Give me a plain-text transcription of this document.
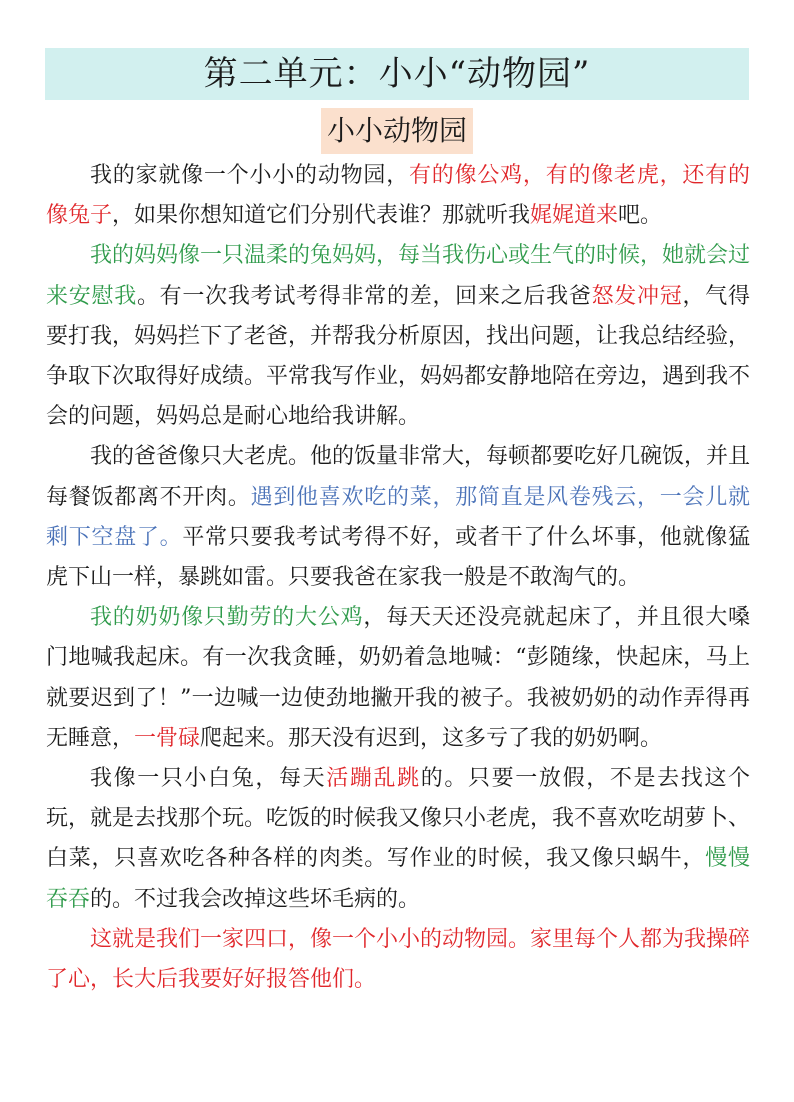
第二单元：小小“动物园”
小小动物园

我的家就像一个小小的动物园，有的像公鸡，有的像老虎，还有的像兔子，如果你想知道它们分别代表谁？那就听我娓娓道来吧。

我的妈妈像一只温柔的兔妈妈，每当我伤心或生气的时候，她就会过来安慰我。有一次我考试考得非常的差，回来之后我爸怒发冲冠，气得要打我，妈妈拦下了老爸，并帮我分析原因，找出问题，让我总结经验，争取下次取得好成绩。平常我写作业，妈妈都安静地陪在旁边，遇到我不会的问题，妈妈总是耐心地给我讲解。

我的爸爸像只大老虎。他的饭量非常大，每顿都要吃好几碗饭，并且每餐饭都离不开肉。遇到他喜欢吃的菜，那简直是风卷残云，一会儿就剩下空盘了。平常只要我考试考得不好，或者干了什么坏事，他就像猛虎下山一样，暴跳如雷。只要我爸在家我一般是不敢淘气的。

我的奶奶像只勤劳的大公鸡，每天天还没亮就起床了，并且很大嗓门地喊我起床。有一次我贪睡，奶奶着急地喊：“彭随缘，快起床，马上就要迟到了！”一边喊一边使劲地撇开我的被子。我被奶奶的动作弄得再无睡意，一骨碌爬起来。那天没有迟到，这多亏了我的奶奶啊。

我像一只小白兔，每天活蹦乱跳的。只要一放假，不是去找这个玩，就是去找那个玩。吃饭的时候我又像只小老虎，我不喜欢吃胡萝卜、白菜，只喜欢吃各种各样的肉类。写作业的时候，我又像只蜗牛，慢慢吞吞的。不过我会改掉这些坏毛病的。

这就是我们一家四口，像一个小小的动物园。家里每个人都为我操碎了心，长大后我要好好报答他们。
